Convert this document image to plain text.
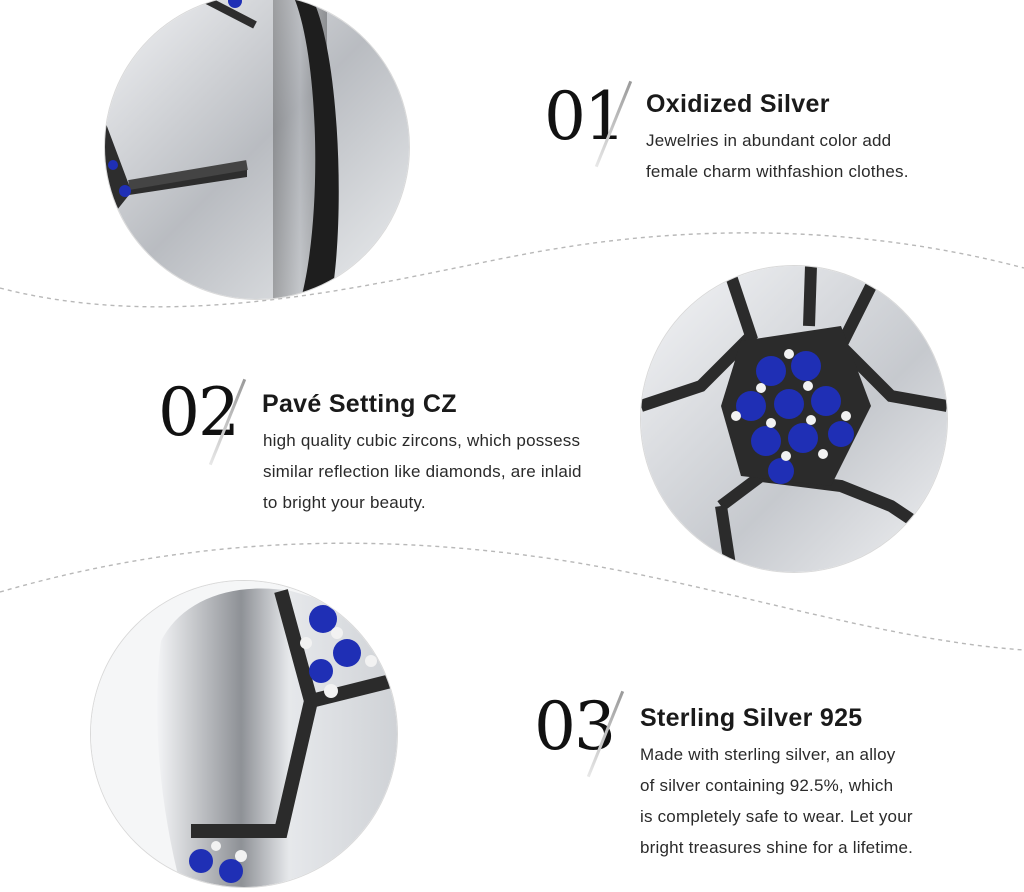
01 Oxidized Silver
Jewelries in abundant color add
female charm withfashion clothes.
02 Pavé Setting CZ
high quality cubic zircons, which possess
similar reflection like diamonds, are inlaid
to bright your beauty.
03 Sterling Silver 925
Made with sterling silver, an alloy
of silver containing 92.5%, which
is completely safe to wear. Let your
bright treasures shine for a lifetime.
